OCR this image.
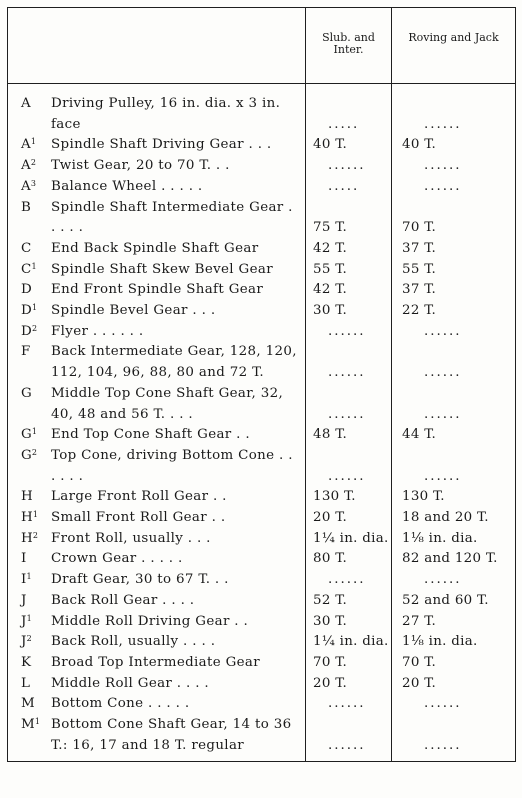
	Slub. and Inter.	Roving and Jack

A Driving Pulley, 16 in. dia. x 3 in. face	.....	......

$A^1$ Spindle Shaft Driving Gear . . .	40 T.	40 T.

$A^2$ Twist Gear, 20 to 70 T. . .	......	......

$A^3$ Balance Wheel . . . . .	.....	......

B Spindle Shaft Intermediate Gear . . . . .	75 T.	70 T.

C End Back Spindle Shaft Gear	42 T.	37 T.

$C^1$ Spindle Shaft Skew Bevel Gear	55 T.	55 T.

D End Front Spindle Shaft Gear	42 T.	37 T.

$D^1$ Spindle Bevel Gear . . .	30 T.	22 T.

$D^2$ Flyer . . . . . .	......	......

F Back Intermediate Gear, 128, 120, 112, 104, 96, 88, 80 and 72 T.	......	......

G Middle Top Cone Shaft Gear, 32, 40, 48 and 56 T. . . .	......	......

$G^1$ End Top Cone Shaft Gear . .	48 T.	44 T.

$G^2$ Top Cone, driving Bottom Cone . . . . . .	......	......

H Large Front Roll Gear . .	130 T.	130 T.

$H^1$ Small Front Roll Gear . .	20 T.	18 and 20 T.

$H^2$ Front Roll, usually . . .	1¼ in. dia.	1⅛ in. dia.

I Crown Gear . . . . .	80 T.	82 and 120 T.

$I^1$ Draft Gear, 30 to 67 T. . .	......	......

J Back Roll Gear . . . .	52 T.	52 and 60 T.

$J^1$ Middle Roll Driving Gear . .	30 T.	27 T.

$J^2$ Back Roll, usually . . . .	1¼ in. dia.	1⅛ in. dia.

K Broad Top Intermediate Gear	70 T.	70 T.

L Middle Roll Gear . . . .	20 T.	20 T.

M Bottom Cone . . . . .	......	......

$M^1$ Bottom Cone Shaft Gear, 14 to 36 T.: 16, 17 and 18 T. regular	......	......
